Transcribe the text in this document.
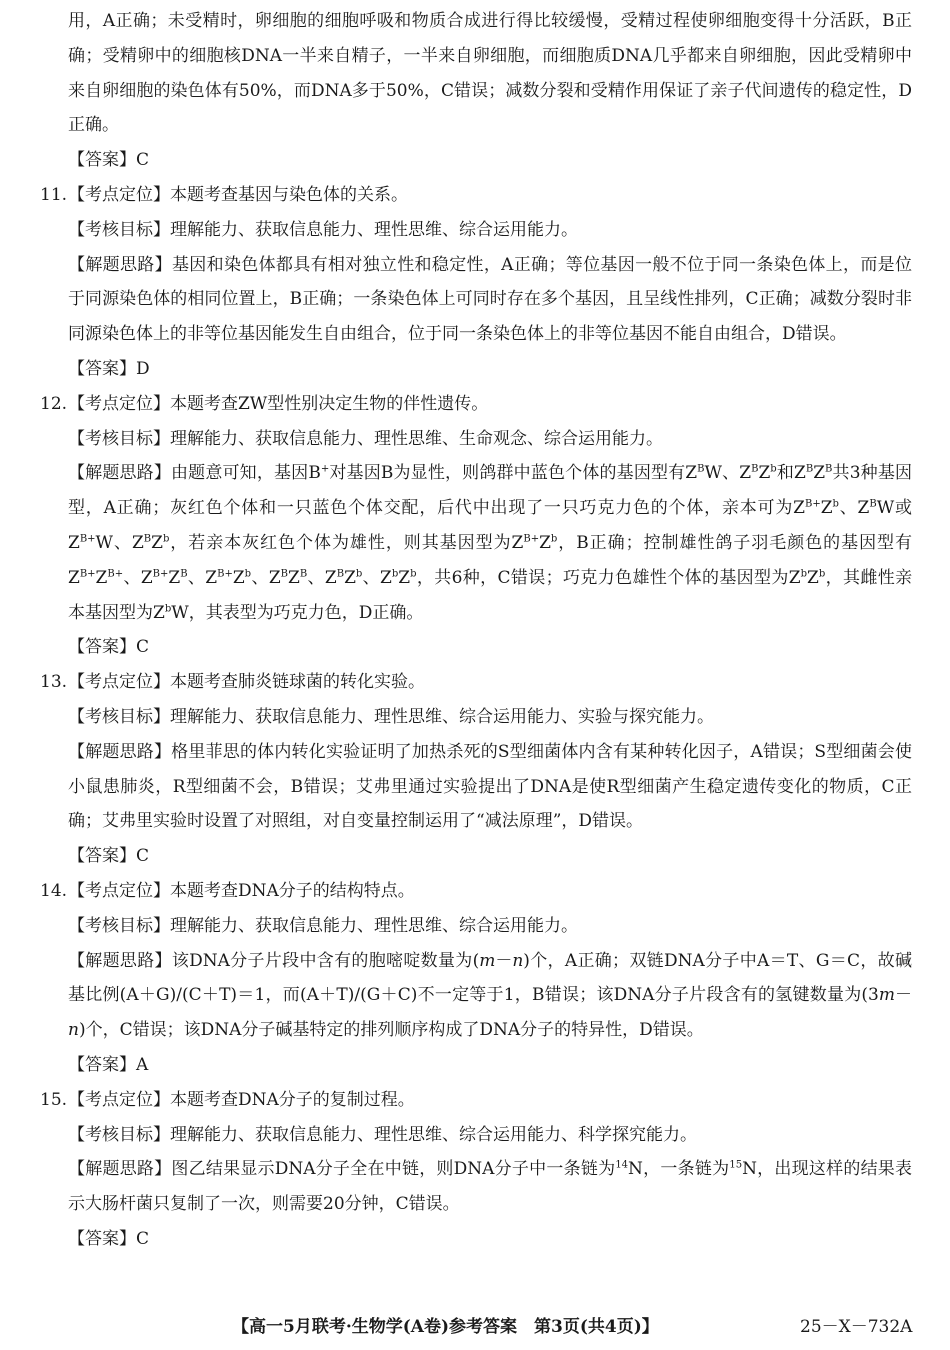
用，A正确；未受精时，卵细胞的细胞呼吸和物质合成进行得比较缓慢，受精过程使卵细胞变得十分活跃，B正确；受精卵中的细胞核DNA一半来自精子，一半来自卵细胞，而细胞质DNA几乎都来自卵细胞，因此受精卵中来自卵细胞的染色体有50%，而DNA多于50%，C错误；减数分裂和受精作用保证了亲子代间遗传的稳定性，D正确。

【答案】C

11.【考点定位】本题考查基因与染色体的关系。

【考核目标】理解能力、获取信息能力、理性思维、综合运用能力。

【解题思路】基因和染色体都具有相对独立性和稳定性，A正确；等位基因一般不位于同一条染色体上，而是位于同源染色体的相同位置上，B正确；一条染色体上可同时存在多个基因，且呈线性排列，C正确；减数分裂时非同源染色体上的非等位基因能发生自由组合，位于同一条染色体上的非等位基因不能自由组合，D错误。

【答案】D

12.【考点定位】本题考查ZW型性别决定生物的伴性遗传。

【考核目标】理解能力、获取信息能力、理性思维、生命观念、综合运用能力。

【解题思路】由题意可知，基因B+对基因B为显性，则鸽群中蓝色个体的基因型有$Z^BW$、$Z^BZ^b$和$Z^BZ^B$共3种基因型，A正确；灰红色个体和一只蓝色个体交配，后代中出现了一只巧克力色的个体，亲本可为$Z^{B+}Z^b$、$Z^BW$或$Z^{B+}W$、$Z^BZ^b$，若亲本灰红色个体为雄性，则其基因型为$Z^{B+}Z^b$，B正确；控制雄性鸽子羽毛颜色的基因型有$Z^{B+}Z^{B+}$、$Z^{B+}Z^B$、$Z^{B+}Z^b$、$Z^BZ^B$、$Z^BZ^b$、$Z^bZ^b$，共6种，C错误；巧克力色雄性个体的基因型为$Z^bZ^b$，其雌性亲本基因型为$Z^bW$，其表型为巧克力色，D正确。

【答案】C

13.【考点定位】本题考查肺炎链球菌的转化实验。

【考核目标】理解能力、获取信息能力、理性思维、综合运用能力、实验与探究能力。

【解题思路】格里菲思的体内转化实验证明了加热杀死的S型细菌体内含有某种转化因子，A错误；S型细菌会使小鼠患肺炎，R型细菌不会，B错误；艾弗里通过实验提出了DNA是使R型细菌产生稳定遗传变化的物质，C正确；艾弗里实验时设置了对照组，对自变量控制运用了“减法原理”，D错误。

【答案】C

14.【考点定位】本题考查DNA分子的结构特点。

【考核目标】理解能力、获取信息能力、理性思维、综合运用能力。

【解题思路】该DNA分子片段中含有的胞嘧啶数量为(m－n)个，A正确；双链DNA分子中A＝T、G＝C，故碱基比例(A＋G)/(C＋T)＝1，而(A＋T)/(G＋C)不一定等于1，B错误；该DNA分子片段含有的氢键数量为(3m－n)个，C错误；该DNA分子碱基特定的排列顺序构成了DNA分子的特异性，D错误。

【答案】A

15.【考点定位】本题考查DNA分子的复制过程。

【考核目标】理解能力、获取信息能力、理性思维、综合运用能力、科学探究能力。

【解题思路】图乙结果显示DNA分子全在中链，则DNA分子中一条链为$^{14}$N，一条链为$^{15}$N，出现这样的结果表示大肠杆菌只复制了一次，则需要20分钟，C错误。

【答案】C

【高一5月联考·生物学(A卷)参考答案　第3页(共4页)】	25－X－732A
